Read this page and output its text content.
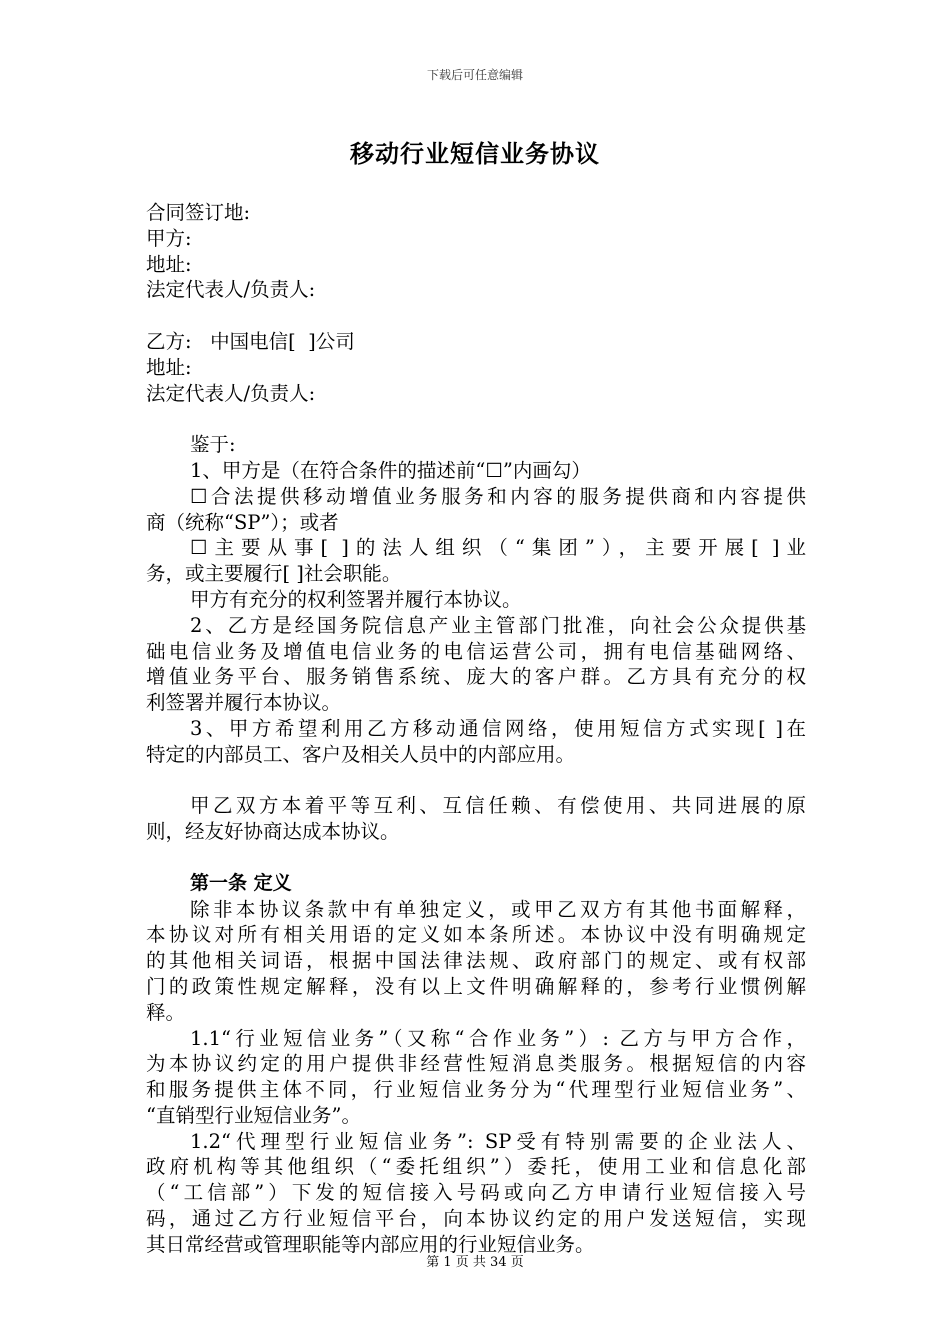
下载后可任意编辑
移动行业短信业务协议
合同签订地:
甲方:
地址:
法定代表人/负责人:
乙方:   中国电信[  ]公司
地址:
法定代表人/负责人:
鉴于:
1、甲方是（在符合条件的描述前“☐”内画勾）
☐合法提供移动增值业务服务和内容的服务提供商和内容提供
商（统称“SP”）；或者
☐主要从事[ ]的法人组织（“集团”），主要开展[ ]业
务，或主要履行[ ]社会职能。
甲方有充分的权利签署并履行本协议。
2、乙方是经国务院信息产业主管部门批准，向社会公众提供基
础电信业务及增值电信业务的电信运营公司，拥有电信基础网络、
增值业务平台、服务销售系统、庞大的客户群。乙方具有充分的权
利签署并履行本协议。
3、甲方希望利用乙方移动通信网络，使用短信方式实现[ ]在
特定的内部员工、客户及相关人员中的内部应用。
甲乙双方本着平等互利、互信任赖、有偿使用、共同进展的原
则，经友好协商达成本协议。
第一条 定义
除非本协议条款中有单独定义，或甲乙双方有其他书面解释，
本协议对所有相关用语的定义如本条所述。本协议中没有明确规定
的其他相关词语，根据中国法律法规、政府部门的规定、或有权部
门的政策性规定解释，没有以上文件明确解释的，参考行业惯例解
释。
1.1“行业短信业务”（又称“合作业务”）: 乙方与甲方合作，
为本协议约定的用户提供非经营性短消息类服务。根据短信的内容
和服务提供主体不同，行业短信业务分为“代理型行业短信业务”、
“直销型行业短信业务”。
1.2“代理型行业短信业务”: SP受有特别需要的企业法人、
政府机构等其他组织（“委托组织”）委托，使用工业和信息化部
（“工信部”）下发的短信接入号码或向乙方申请行业短信接入号
码，通过乙方行业短信平台，向本协议约定的用户发送短信，实现
其日常经营或管理职能等内部应用的行业短信业务。
第 1 页 共 34 页
